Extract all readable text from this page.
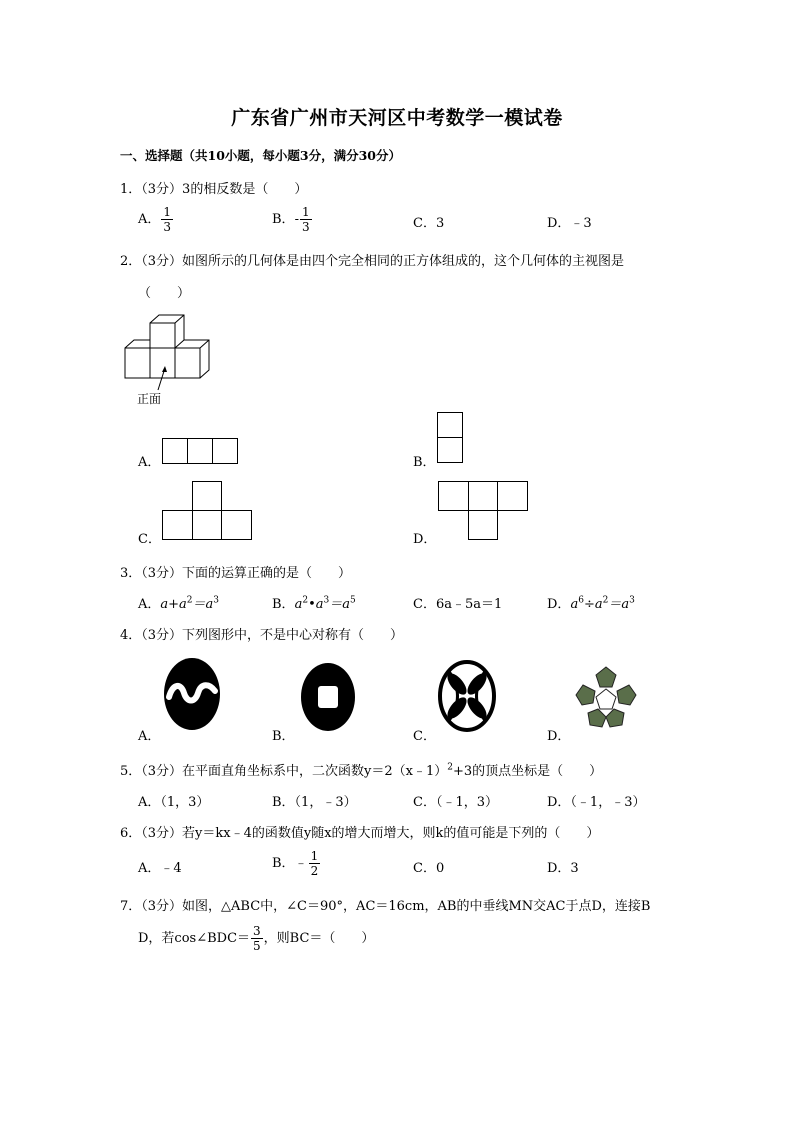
广东省广州市天河区中考数学一模试卷
一、选择题（共10小题，每小题3分，满分30分）
1．（3分）3的相反数是（　　）
A． $\frac{1}{3}$	B．- $\frac{1}{3}$	C．3	D．﹣3
2．（3分）如图所示的几何体是由四个完全相同的正方体组成的，这个几何体的主视图是
（　　）
正面
A．	B．
C．	D．
3．（3分）下面的运算正确的是（　　）
A．$a+a^2=a^3$	B．$a^2•a^3=a^5$	C．6a﹣5a＝1	D．$a^6\div a^2=a^3$
4．（3分）下列图形中，不是中心对称有（　　）
A．	B．	C．	D．
5．（3分）在平面直角坐标系中，二次函数y＝2（x﹣1）$^2$+3的顶点坐标是（　　）
A．（1，3）	B．（1，﹣3）	C．（﹣1，3）	D．（﹣1，﹣3）
6．（3分）若y＝kx﹣4的函数值y随x的增大而增大，则k的值可能是下列的（　　）
A．﹣4	B．﹣ $\frac{1}{2}$	C．0	D．3
7．（3分）如图，△ABC中，∠C＝90°，AC＝16cm，AB的中垂线MN交AC于点D，连接B
D，若cos∠BDC＝ $\frac{3}{5}$ ，则BC＝（　　）
